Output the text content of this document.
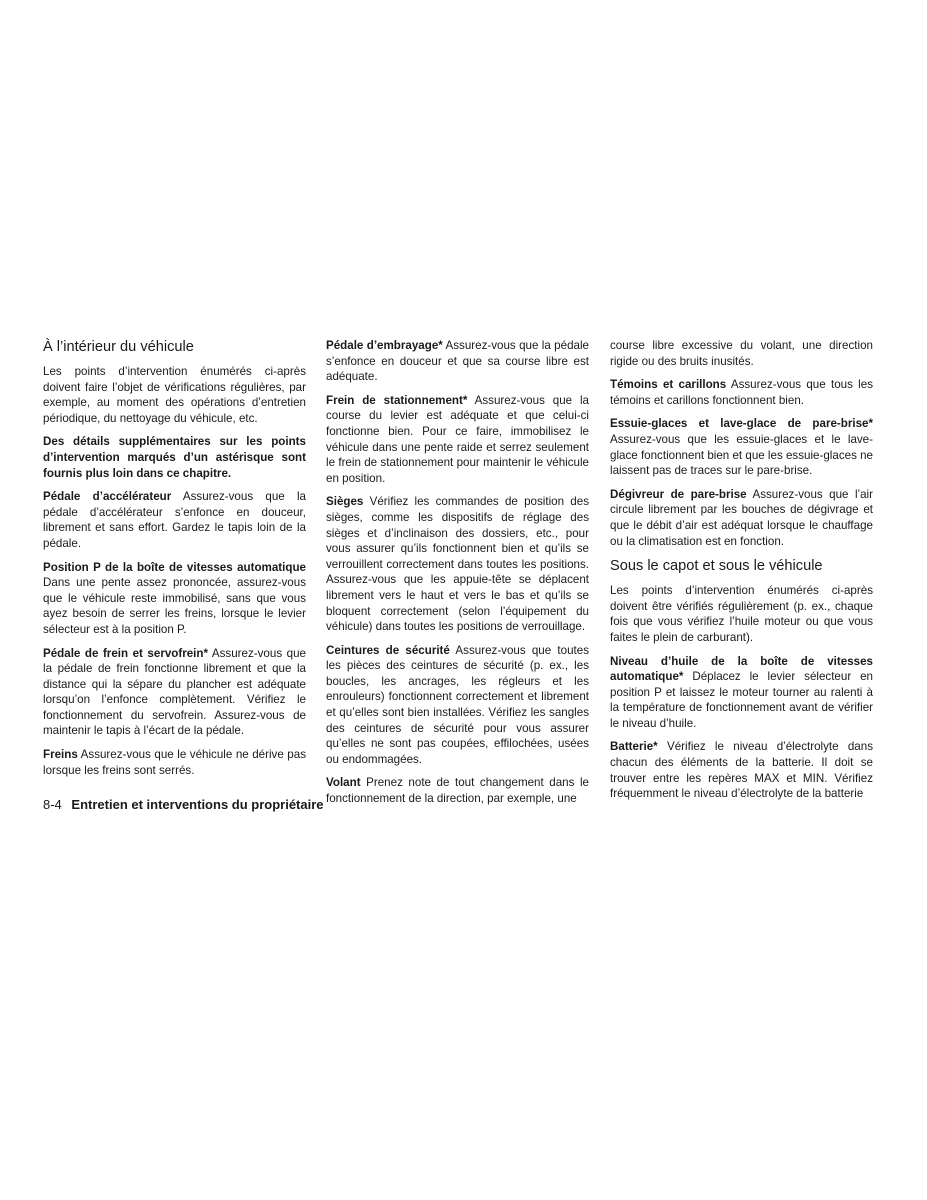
À l’intérieur du véhicule

Les points d’intervention énumérés ci-après doivent faire l’objet de vérifications régulières, par exemple, au moment des opérations d’entretien périodique, du nettoyage du véhicule, etc.

Des détails supplémentaires sur les points d’intervention marqués d’un astérisque sont fournis plus loin dans ce chapitre.

Pédale d’accélérateur Assurez-vous que la pédale d’accélérateur s’enfonce en douceur, librement et sans effort. Gardez le tapis loin de la pédale.

Position P de la boîte de vitesses automatique Dans une pente assez prononcée, assurez-vous que le véhicule reste immobilisé, sans que vous ayez besoin de serrer les freins, lorsque le levier sélecteur est à la position P.

Pédale de frein et servofrein* Assurez-vous que la pédale de frein fonctionne librement et que la distance qui la sépare du plancher est adéquate lorsqu’on l’enfonce complètement. Vérifiez le fonctionnement du servofrein. Assurez-vous de maintenir le tapis à l’écart de la pédale.

Freins Assurez-vous que le véhicule ne dérive pas lorsque les freins sont serrés.

Pédale d’embrayage* Assurez-vous que la pédale s’enfonce en douceur et que sa course libre est adéquate.

Frein de stationnement* Assurez-vous que la course du levier est adéquate et que celui-ci fonctionne bien. Pour ce faire, immobilisez le véhicule dans une pente raide et serrez seulement le frein de stationnement pour maintenir le véhicule en position.

Sièges Vérifiez les commandes de position des sièges, comme les dispositifs de réglage des sièges et d’inclinaison des dossiers, etc., pour vous assurer qu’ils fonctionnent bien et qu’ils se verrouillent correctement dans toutes les positions. Assurez-vous que les appuie-tête se déplacent librement vers le haut et vers le bas et qu’ils se bloquent correctement (selon l’équipement du véhicule) dans toutes les positions de verrouillage.

Ceintures de sécurité Assurez-vous que toutes les pièces des ceintures de sécurité (p. ex., les boucles, les ancrages, les régleurs et les enrouleurs) fonctionnent correctement et librement et qu’elles sont bien installées. Vérifiez les sangles des ceintures de sécurité pour vous assurer qu’elles ne sont pas coupées, effilochées, usées ou endommagées.

Volant Prenez note de tout changement dans le fonctionnement de la direction, par exemple, une

course libre excessive du volant, une direction rigide ou des bruits inusités.

Témoins et carillons Assurez-vous que tous les témoins et carillons fonctionnent bien.

Essuie-glaces et lave-glace de pare-brise* Assurez-vous que les essuie-glaces et le lave-glace fonctionnent bien et que les essuie-glaces ne laissent pas de traces sur le pare-brise.

Dégivreur de pare-brise Assurez-vous que l’air circule librement par les bouches de dégivrage et que le débit d’air est adéquat lorsque le chauffage ou la climatisation est en fonction.

Sous le capot et sous le véhicule

Les points d’intervention énumérés ci-après doivent être vérifiés régulièrement (p. ex., chaque fois que vous vérifiez l’huile moteur ou que vous faites le plein de carburant).

Niveau d’huile de la boîte de vitesses automatique* Déplacez le levier sélecteur en position P et laissez le moteur tourner au ralenti à la température de fonctionnement avant de vérifier le niveau d’huile.

Batterie* Vérifiez le niveau d’électrolyte dans chacun des éléments de la batterie. Il doit se trouver entre les repères MAX et MIN. Vérifiez fréquemment le niveau d’électrolyte de la batterie

8-4 Entretien et interventions du propriétaire
